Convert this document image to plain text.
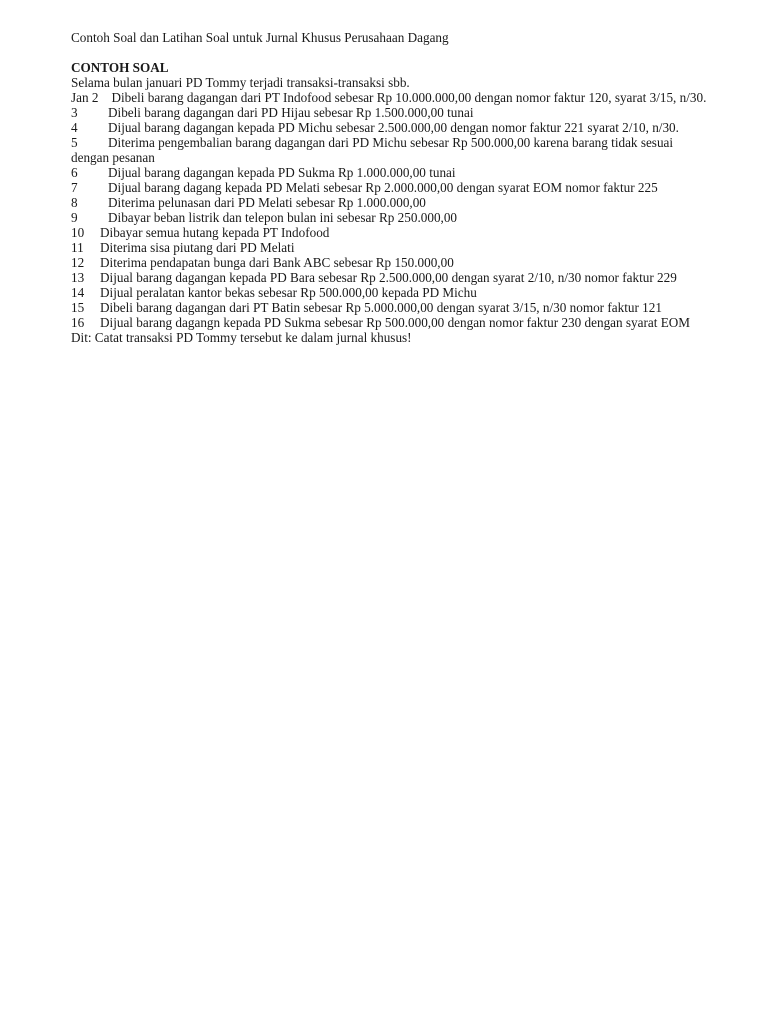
Contoh Soal dan Latihan Soal untuk Jurnal Khusus Perusahaan Dagang
CONTOH SOAL

Selama bulan januari PD Tommy terjadi transaksi-transaksi sbb.

Jan 2 Dibeli barang dagangan dari PT Indofood sebesar Rp 10.000.000,00 dengan nomor faktur 120, syarat 3/15, n/30.
3 Dibeli barang dagangan dari PD Hijau sebesar Rp 1.500.000,00 tunai
4 Dijual barang dagangan kepada PD Michu sebesar 2.500.000,00 dengan nomor faktur 221 syarat 2/10, n/30.
5 Diterima pengembalian barang dagangan dari PD Michu sebesar Rp 500.000,00 karena barang tidak sesuai dengan pesanan
6 Dijual barang dagangan kepada PD Sukma Rp 1.000.000,00 tunai
7 Dijual barang dagang kepada PD Melati sebesar Rp 2.000.000,00 dengan syarat EOM nomor faktur 225
8 Diterima pelunasan dari PD Melati sebesar Rp 1.000.000,00
9 Dibayar beban listrik dan telepon bulan ini sebesar Rp 250.000,00
10 Dibayar semua hutang kepada PT Indofood
11 Diterima sisa piutang dari PD Melati
12 Diterima pendapatan bunga dari Bank ABC sebesar Rp 150.000,00
13 Dijual barang dagangan kepada PD Bara sebesar Rp 2.500.000,00 dengan syarat 2/10, n/30 nomor faktur 229
14 Dijual peralatan kantor bekas sebesar Rp 500.000,00 kepada PD Michu
15 Dibeli barang dagangan dari PT Batin sebesar Rp 5.000.000,00 dengan syarat 3/15, n/30 nomor faktur 121
16 Dijual barang dagangn kepada PD Sukma sebesar Rp 500.000,00 dengan nomor faktur 230 dengan syarat EOM

Dit: Catat transaksi PD Tommy tersebut ke dalam jurnal khusus!
